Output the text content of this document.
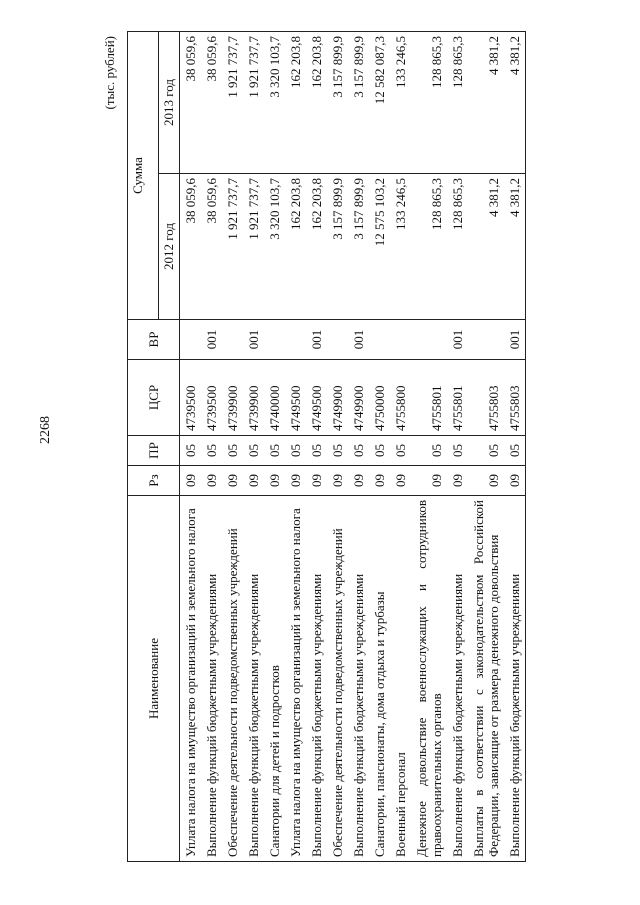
2268
(тыс. рублей)
Наименование	Рз	ПР	ЦСР	ВР	Сумма	
					2012 год	2013 год
Уплата налога на имущество организаций и земельного налога	09	05	4739500		38 059,6	38 059,6
Выполнение функций бюджетными учреждениями	09	05	4739500	001	38 059,6	38 059,6
Обеспечение деятельности подведомственных учреждений	09	05	4739900		1 921 737,7	1 921 737,7
Выполнение функций бюджетными учреждениями	09	05	4739900	001	1 921 737,7	1 921 737,7
Санатории для детей и подростков	09	05	4740000		3 320 103,7	3 320 103,7
Уплата налога на имущество организаций и земельного налога	09	05	4749500		162 203,8	162 203,8
Выполнение функций бюджетными учреждениями	09	05	4749500	001	162 203,8	162 203,8
Обеспечение деятельности подведомственных учреждений	09	05	4749900		3 157 899,9	3 157 899,9
Выполнение функций бюджетными учреждениями	09	05	4749900	001	3 157 899,9	3 157 899,9
Санатории, пансионаты, дома отдыха и турбазы	09	05	4750000		12 575 103,2	12 582 087,3
Военный персонал	09	05	4755800		133 246,5	133 246,5
Денежное довольствие военнослужащих и сотрудников правоохранительных органов	09	05	4755801		128 865,3	128 865,3
Выполнение функций бюджетными учреждениями	09	05	4755801	001	128 865,3	128 865,3
Выплаты в соответствии с законодательством Российской Федерации, зависящие от размера денежного довольствия	09	05	4755803		4 381,2	4 381,2
Выполнение функций бюджетными учреждениями	09	05	4755803	001	4 381,2	4 381,2
